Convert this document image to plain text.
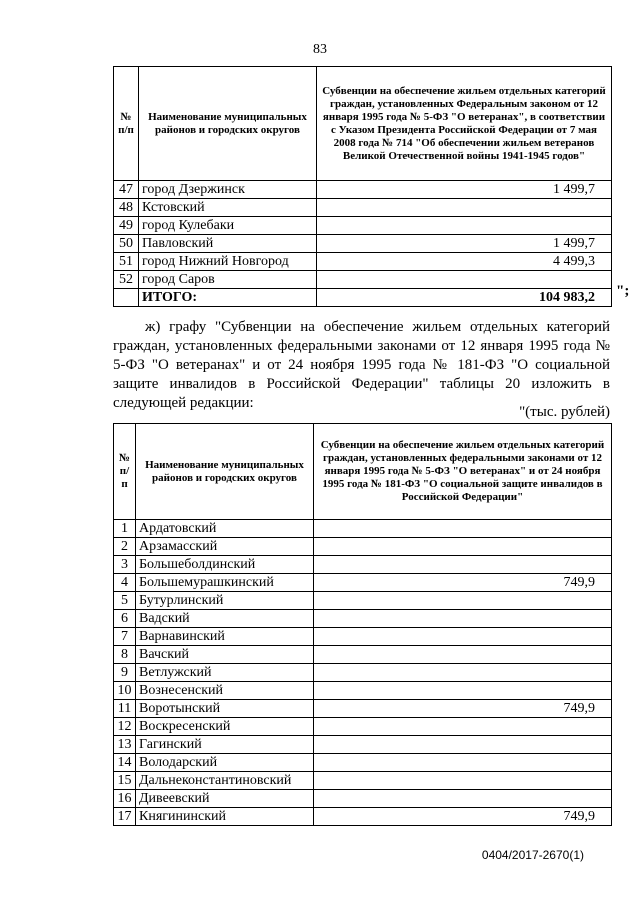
83
№ п/п	Наименование муниципальных районов и городских округов	Субвенции на обеспечение жильем отдельных категорий граждан, установленных Федеральным законом от 12 января 1995 года № 5-ФЗ "О ветеранах", в соответствии с Указом Президента Российской Федерации от 7 мая 2008 года № 714 "Об обеспечении жильем ветеранов Великой Отечественной войны 1941-1945 годов"
47	город Дзержинск	1 499,7
48	Кстовский	
49	город Кулебаки	
50	Павловский	1 499,7
51	город Нижний Новгород	4 499,3
52	город Саров	
	ИТОГО:	104 983,2 ";

ж) графу "Субвенции на обеспечение жильем отдельных категорий граждан, установленных федеральными законами от 12 января 1995 года № 5-ФЗ "О ветеранах" и от 24 ноября 1995 года № 181-ФЗ "О социальной защите инвалидов в Российской Федерации" таблицы 20 изложить в следующей редакции:

"(тыс. рублей)
№ п/п	Наименование муниципальных районов и городских округов	Субвенции на обеспечение жильем отдельных категорий граждан, установленных федеральными законами от 12 января 1995 года № 5-ФЗ "О ветеранах" и от 24 ноября 1995 года № 181-ФЗ "О социальной защите инвалидов в Российской Федерации"
1	Ардатовский	
2	Арзамасский	
3	Большеболдинский	
4	Большемурашкинский	749,9
5	Бутурлинский	
6	Вадский	
7	Варнавинский	
8	Вачский	
9	Ветлужский	
10	Вознесенский	
11	Воротынский	749,9
12	Воскресенский	
13	Гагинский	
14	Володарский	
15	Дальнеконстантиновский	
16	Дивеевский	
17	Княгининский	749,9
0404/2017-2670(1)
